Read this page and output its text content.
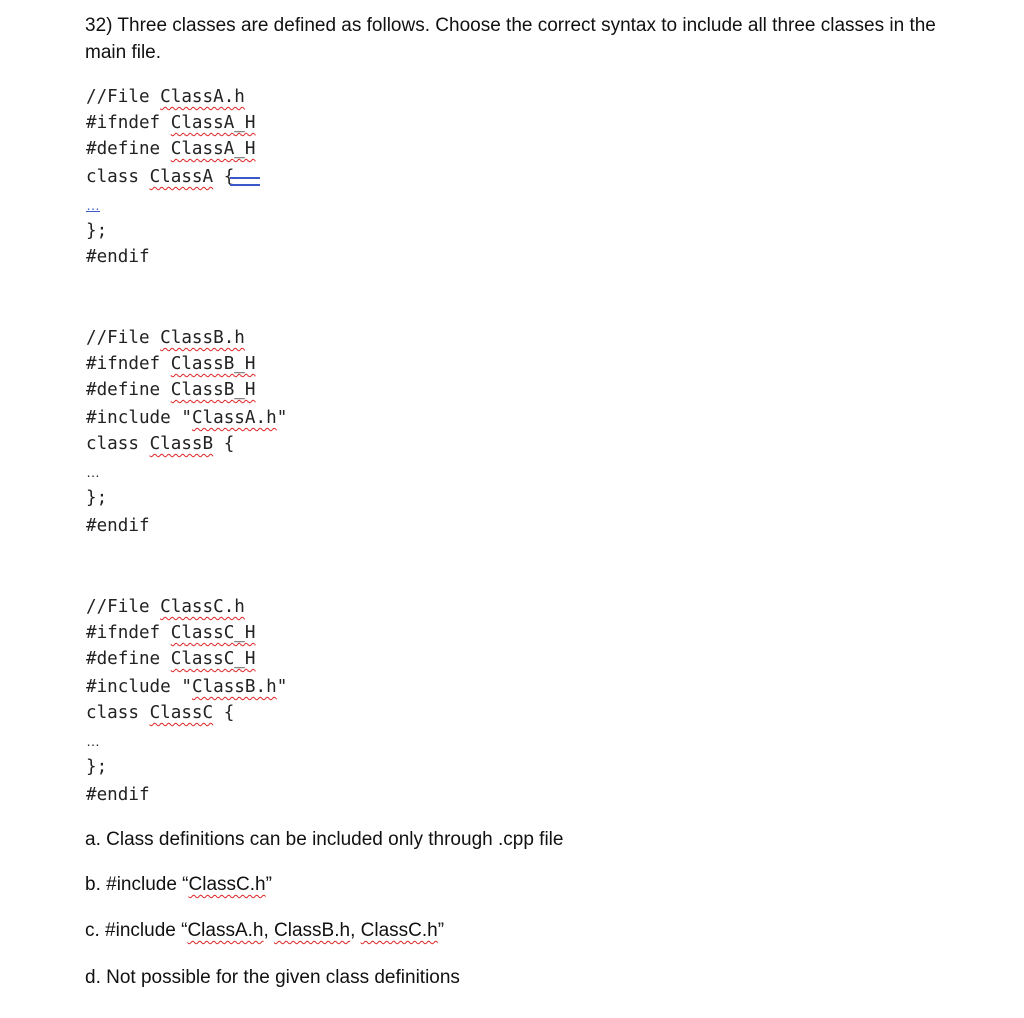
32) Three classes are defined as follows. Choose the correct syntax to include all three classes in the main file.
//File ClassA.h
#ifndef ClassA_H
#define ClassA_H
class ClassA {
…
};
#endif
//File ClassB.h
#ifndef ClassB_H
#define ClassB_H
#include "ClassA.h"
class ClassB {
…
};
#endif
//File ClassC.h
#ifndef ClassC_H
#define ClassC_H
#include "ClassB.h"
class ClassC {
…
};
#endif
a. Class definitions can be included only through .cpp file
b. #include “ClassC.h”
c. #include “ClassA.h, ClassB.h, ClassC.h”
d. Not possible for the given class definitions
